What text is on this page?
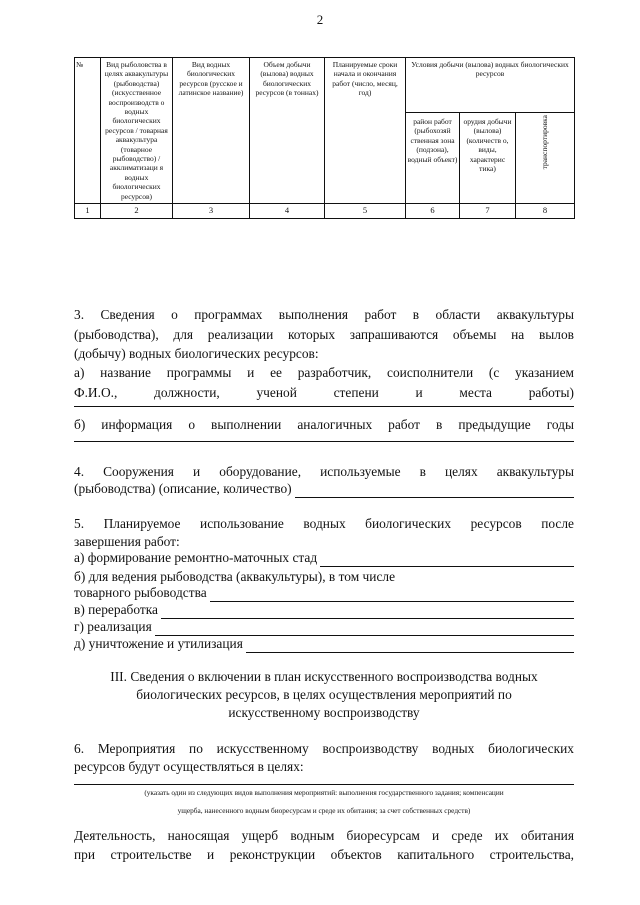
2
№	Вид рыболовства в целях аквакультуры (рыбоводства) (искусственное воспроизводств о водных биологических ресурсов / товарная аквакультура (товарное рыбоводство) / акклиматизаци я водных биологических ресурсов)	Вид водных биологических ресурсов (русское и латинское название)	Объем добычи (вылова) водных биологических ресурсов (в тоннах)	Планируемые сроки начала и окончания работ (число, месяц, год)	Условия добычи (вылова) водных биологических ресурсов		
					район работ (рыбохозяй ственная зона (подзона), водный объект)	орудия добычи (вылова) (количеств о, виды, характерис тика)	транспортировка
1	2	3	4	5	6	7	8
3. Сведения о программах выполнения работ в области аквакультуры
(рыбоводства), для реализации которых запрашиваются объемы на вылов
(добычу) водных биологических ресурсов:
а) название программы и ее разработчик, соисполнители (с указанием
Ф.И.О., должности, ученой степени и места работы)
б) информация о выполнении аналогичных работ в предыдущие годы
4. Сооружения и оборудование, используемые в целях аквакультуры
(рыбоводства) (описание, количество)
5. Планируемое использование водных биологических ресурсов после
завершения работ:
а) формирование ремонтно-маточных стад
б) для ведения рыбоводства (аквакультуры), в том числе
товарного рыбоводства
в) переработка
г) реализация
д) уничтожение и утилизация
III. Сведения о включении в план искусственного воспроизводства водных
биологических ресурсов, в целях осуществления мероприятий по
искусственному воспроизводству
6. Мероприятия по искусственному воспроизводству водных биологических
ресурсов будут осуществляться в целях:
(указать один из следующих видов выполнения мероприятий: выполнения государственного задания; компенсации
ущерба, нанесенного водным биоресурсам и среде их обитания; за счет собственных средств)
Деятельность, наносящая ущерб водным биоресурсам и среде их обитания
при строительстве и реконструкции объектов капитального строительства,
